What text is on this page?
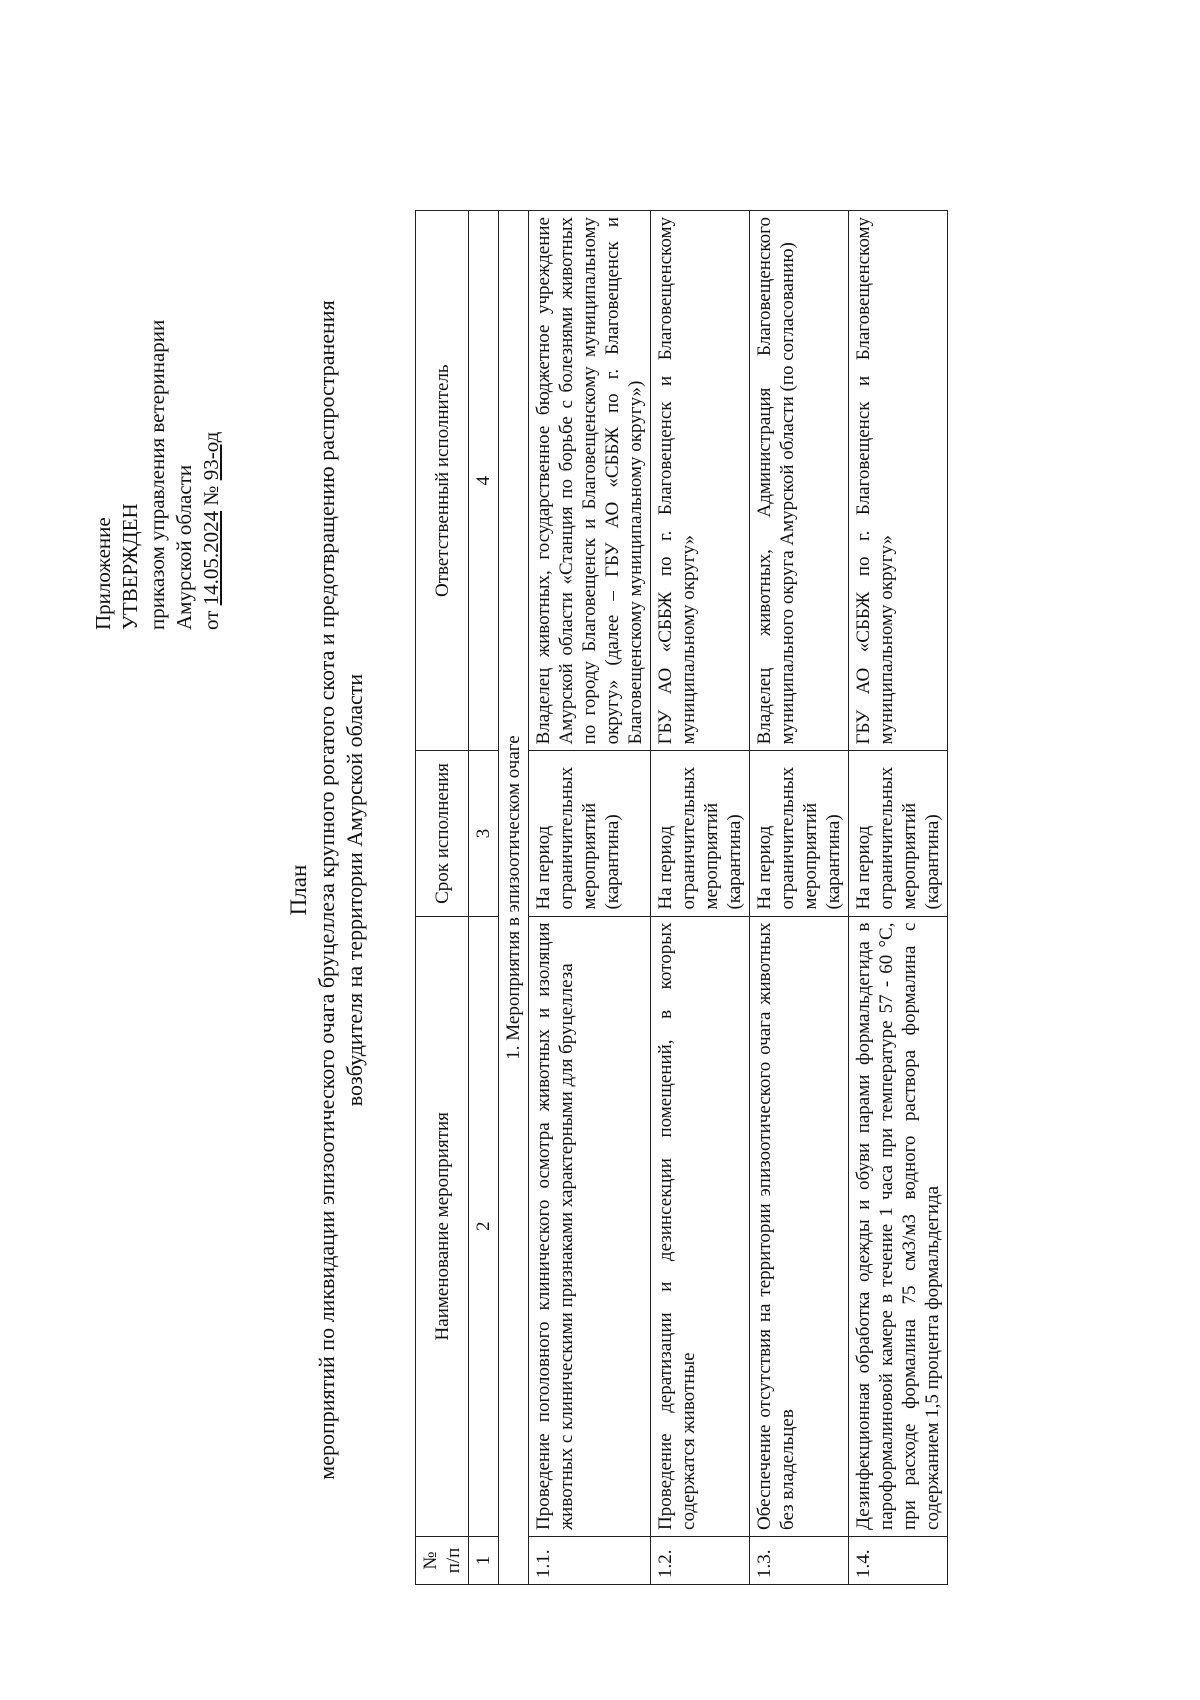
Приложение УТВЕРЖДЕН приказом управления ветеринарии Амурской области от 14.05.2024 № 93-од
План мероприятий по ликвидации эпизоотического очага бруцеллеза крупного рогатого скота и предотвращению распространения возбудителя на территории Амурской области
№ п/п	Наименование мероприятия	Срок исполнения	Ответственный исполнитель
1	2	3	4
1. Мероприятия в эпизоотическом очаге			
1.1.	Проведение поголовного клинического осмотра животных и изоляция животных с клиническими признаками характерными для бруцеллеза	На период ограничительных мероприятий (карантина)	Владелец животных, государственное бюджетное учреждение Амурской области «Станция по борьбе с болезнями животных по городу Благовещенск и Благовещенскому муниципальному округу» (далее – ГБУ АО «СББЖ по г. Благовещенск и Благовещенскому муниципальному округу»)
1.2.	Проведение дератизации и дезинсекции помещений, в которых содержатся животные	На период ограничительных мероприятий (карантина)	ГБУ АО «СББЖ по г. Благовещенск и Благовещенскому муниципальному округу»
1.3.	Обеспечение отсутствия на территории эпизоотического очага животных без владельцев	На период ограничительных мероприятий (карантина)	Владелец животных, Администрация Благовещенского муниципального округа Амурской области (по согласованию)
1.4.	Дезинфекционная обработка одежды и обуви парами формальдегида в пароформалиновой камере в течение 1 часа при температуре 57 - 60 °С, при расходе формалина 75 см3/м3 водного раствора формалина с содержанием 1,5 процента формальдегида	На период ограничительных мероприятий (карантина)	ГБУ АО «СББЖ по г. Благовещенск и Благовещенскому муниципальному округу»
